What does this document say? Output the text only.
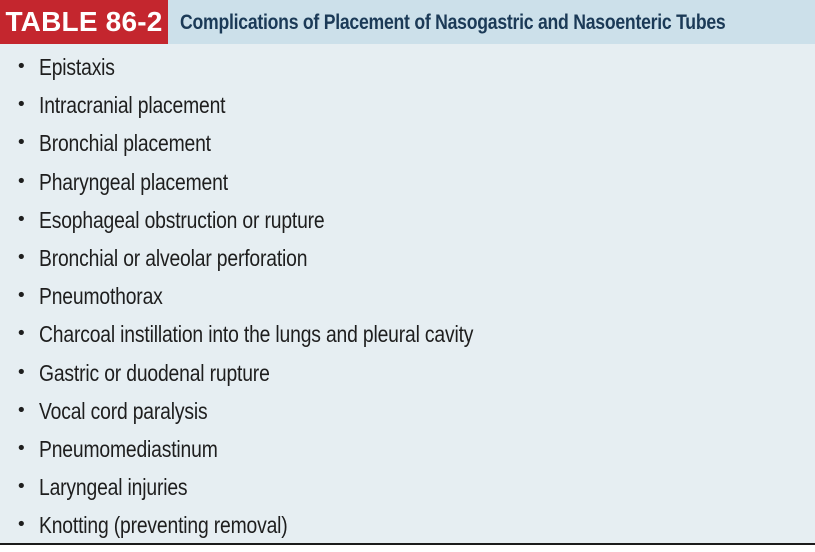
TABLE 86-2 Complications of Placement of Nasogastric and Nasoenteric Tubes
• Epistaxis
• Intracranial placement
• Bronchial placement
• Pharyngeal placement
• Esophageal obstruction or rupture
• Bronchial or alveolar perforation
• Pneumothorax
• Charcoal instillation into the lungs and pleural cavity
• Gastric or duodenal rupture
• Vocal cord paralysis
• Pneumomediastinum
• Laryngeal injuries
• Knotting (preventing removal)
